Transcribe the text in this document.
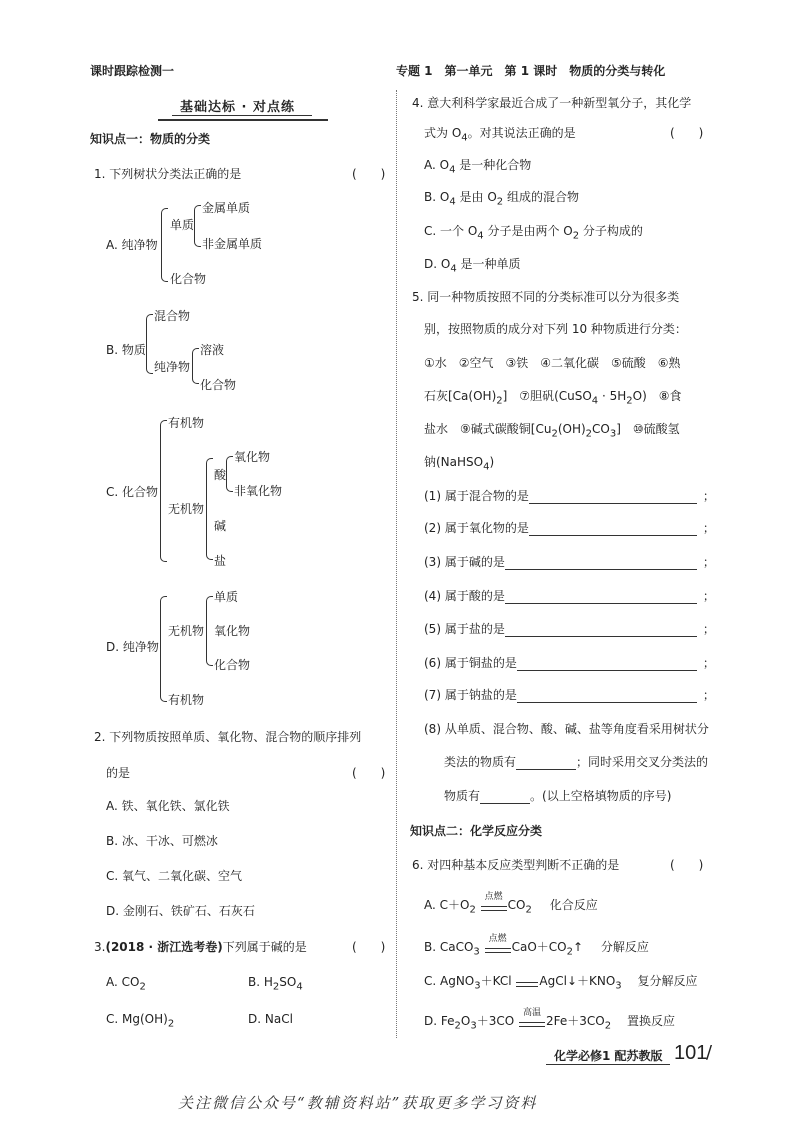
课时跟踪检测一	专题 1　第一单元　第 1 课时　物质的分类与转化
基础达标 · 对点练
知识点一：物质的分类
1. 下列树状分类法正确的是	(　　)
A. 纯净物
单质
金属单质
非金属单质
化合物
B. 物质
混合物
纯净物
溶液
化合物
C. 化合物
有机物
无机物
酸
氧化物
非氧化物
碱
盐
D. 纯净物
无机物
单质
氧化物
化合物
有机物
2. 下列物质按照单质、氧化物、混合物的顺序排列
的是	(　　)
A. 铁、氧化铁、氯化铁
B. 冰、干冰、可燃冰
C. 氧气、二氧化碳、空气
D. 金刚石、铁矿石、石灰石
3.(2018 · 浙江选考卷)下列属于碱的是	(　　)
A. $CO_2$	B. $H_2SO_4$
C. $Mg(OH)_2$	D. NaCl
4. 意大利科学家最近合成了一种新型氧分子，其化学
式为 $O_4$。对其说法正确的是	(　　)
A. $O_4$ 是一种化合物
B. $O_4$ 是由 $O_2$ 组成的混合物
C. 一个 $O_4$ 分子是由两个 $O_2$ 分子构成的
D. $O_4$ 是一种单质
5. 同一种物质按照不同的分类标准可以分为很多类
别，按照物质的成分对下列 10 种物质进行分类：
①水　②空气　③铁　④二氧化碳　⑤硫酸　⑥熟
石灰$[Ca(OH)_2]$　⑦胆矾(CuSO$_4$ · $5H_2O$)　⑧食
盐水　⑨碱式碳酸铜$[Cu_2(OH)_2CO_3]$　⑩硫酸氢
钠(NaHSO$_4$)
(1) 属于混合物的是	；
(2) 属于氧化物的是	；
(3) 属于碱的是	；
(4) 属于酸的是	；
(5) 属于盐的是	；
(6) 属于铜盐的是	；
(7) 属于钠盐的是	；
(8) 从单质、混合物、酸、碱、盐等角度看采用树状分
类法的物质有	；同时采用交叉分类法的
物质有	。(以上空格填物质的序号)
知识点二：化学反应分类
6. 对四种基本反应类型判断不正确的是	(　　)
A. $C+O_2$
点燃
$CO_2$ 化合反应
B. CaCO$_3$
点燃
$CaO+CO_2↑$ 分解反应
C. AgNO$_3$＋KCl $AgCl↓+KNO_3$ 复分解反应
D. $Fe_2O_3+3CO$
高温
$2Fe+3CO_2$ 置换反应
化学必修1 配苏教版 101
/
关注微信公众号“教辅资料站”获取更多学习资料
